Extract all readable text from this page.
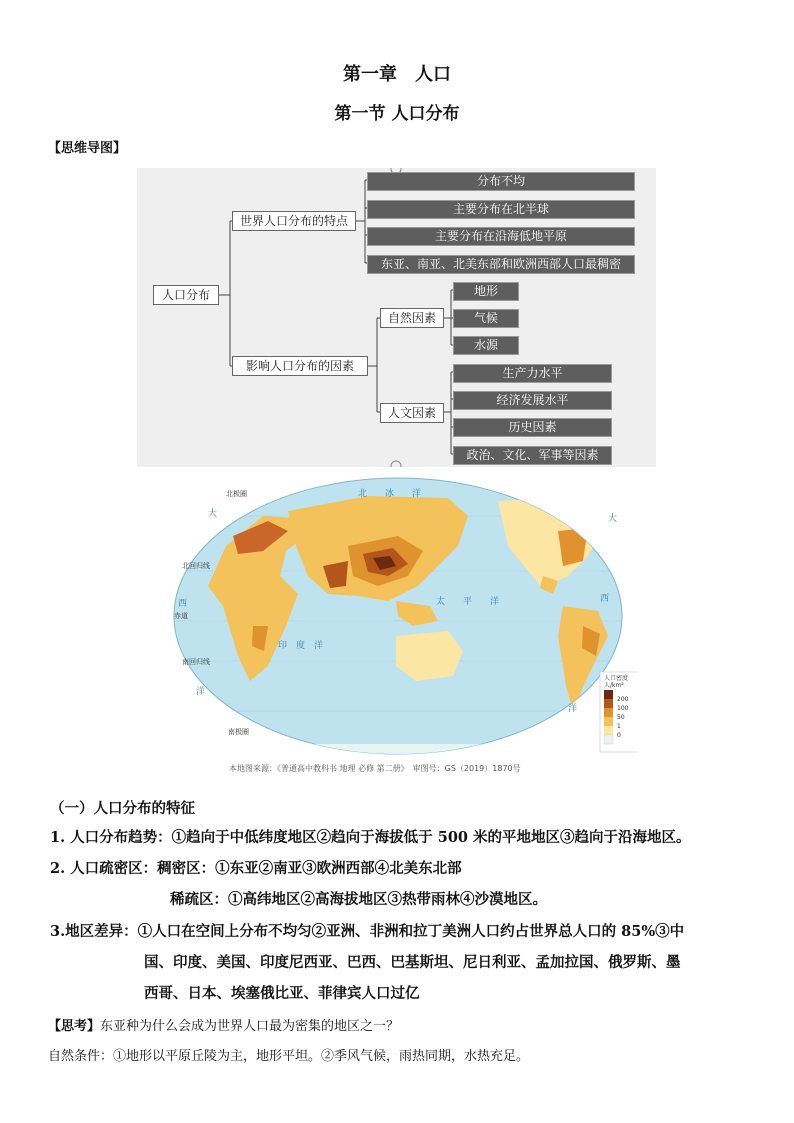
第一章　人口
第一节 人口分布
【思维导图】
人口分布
世界人口分布的特点
影响人口分布的因素
分布不均
主要分布在北半球
主要分布在沿海低地平原
东亚、南亚、北美东部和欧洲西部人口最稠密
自然因素
人文因素
地形
气候
水源
生产力水平
经济发展水平
历史因素
政治、文化、军事等因素
北极圈
北回归线
赤道
南回归线
南极圈
北　　冰　　洋
太　　平　　洋
印　度　洋
大
西
洋
西
洋
大
人口密度
人/km²
200
100
50
1
0
本地图来源：《普通高中教科书 地理 必修 第二册》　审图号：GS（2019）1870号
（一）人口分布的特征
1. 人口分布趋势：①趋向于中低纬度地区②趋向于海拔低于 500 米的平地地区③趋向于沿海地区。
2. 人口疏密区：稠密区：①东亚②南亚③欧洲西部④北美东北部
稀疏区：①高纬地区②高海拔地区③热带雨林④沙漠地区。
3.地区差异：①人口在空间上分布不均匀②亚洲、非洲和拉丁美洲人口约占世界总人口的 85%③中
国、印度、美国、印度尼西亚、巴西、巴基斯坦、尼日利亚、孟加拉国、俄罗斯、墨
西哥、日本、埃塞俄比亚、菲律宾人口过亿
【思考】东亚种为什么会成为世界人口最为密集的地区之一？
自然条件：①地形以平原丘陵为主，地形平坦。②季风气候，雨热同期，水热充足。
